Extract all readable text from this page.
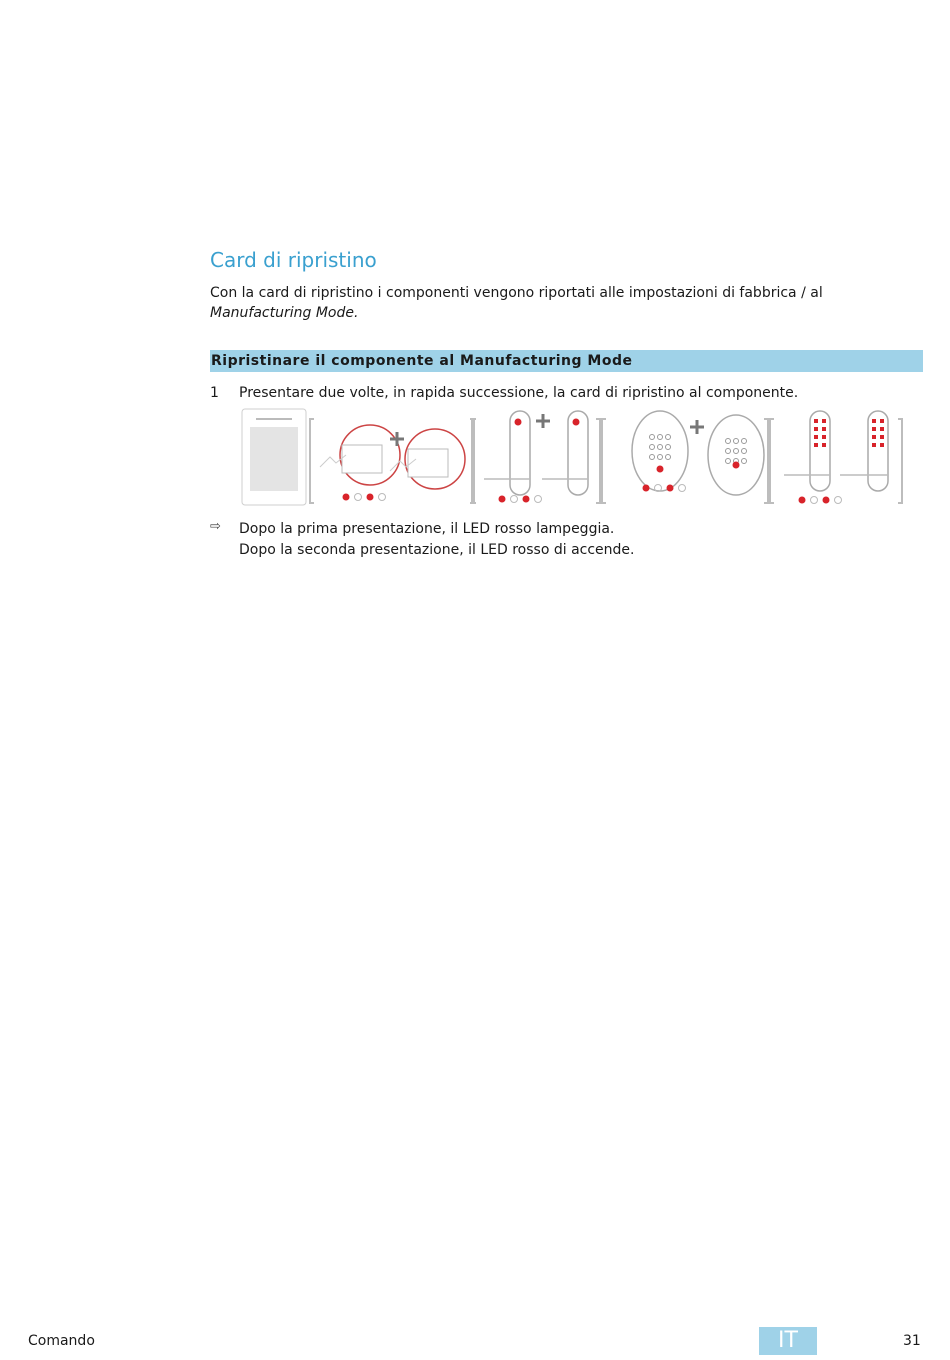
Card di ripristino

Con la card di ripristino i componenti vengono riportati alle impostazioni di fabbrica / al Manufacturing Mode.

Ripristinare il componente al Manufacturing Mode
1 Presentare due volte, in rapida successione, la card di ripristino al componente.
⇨ Dopo la prima presentazione, il LED rosso lampeggia.
Dopo la seconda presentazione, il LED rosso di accende.
Comando	IT	31
